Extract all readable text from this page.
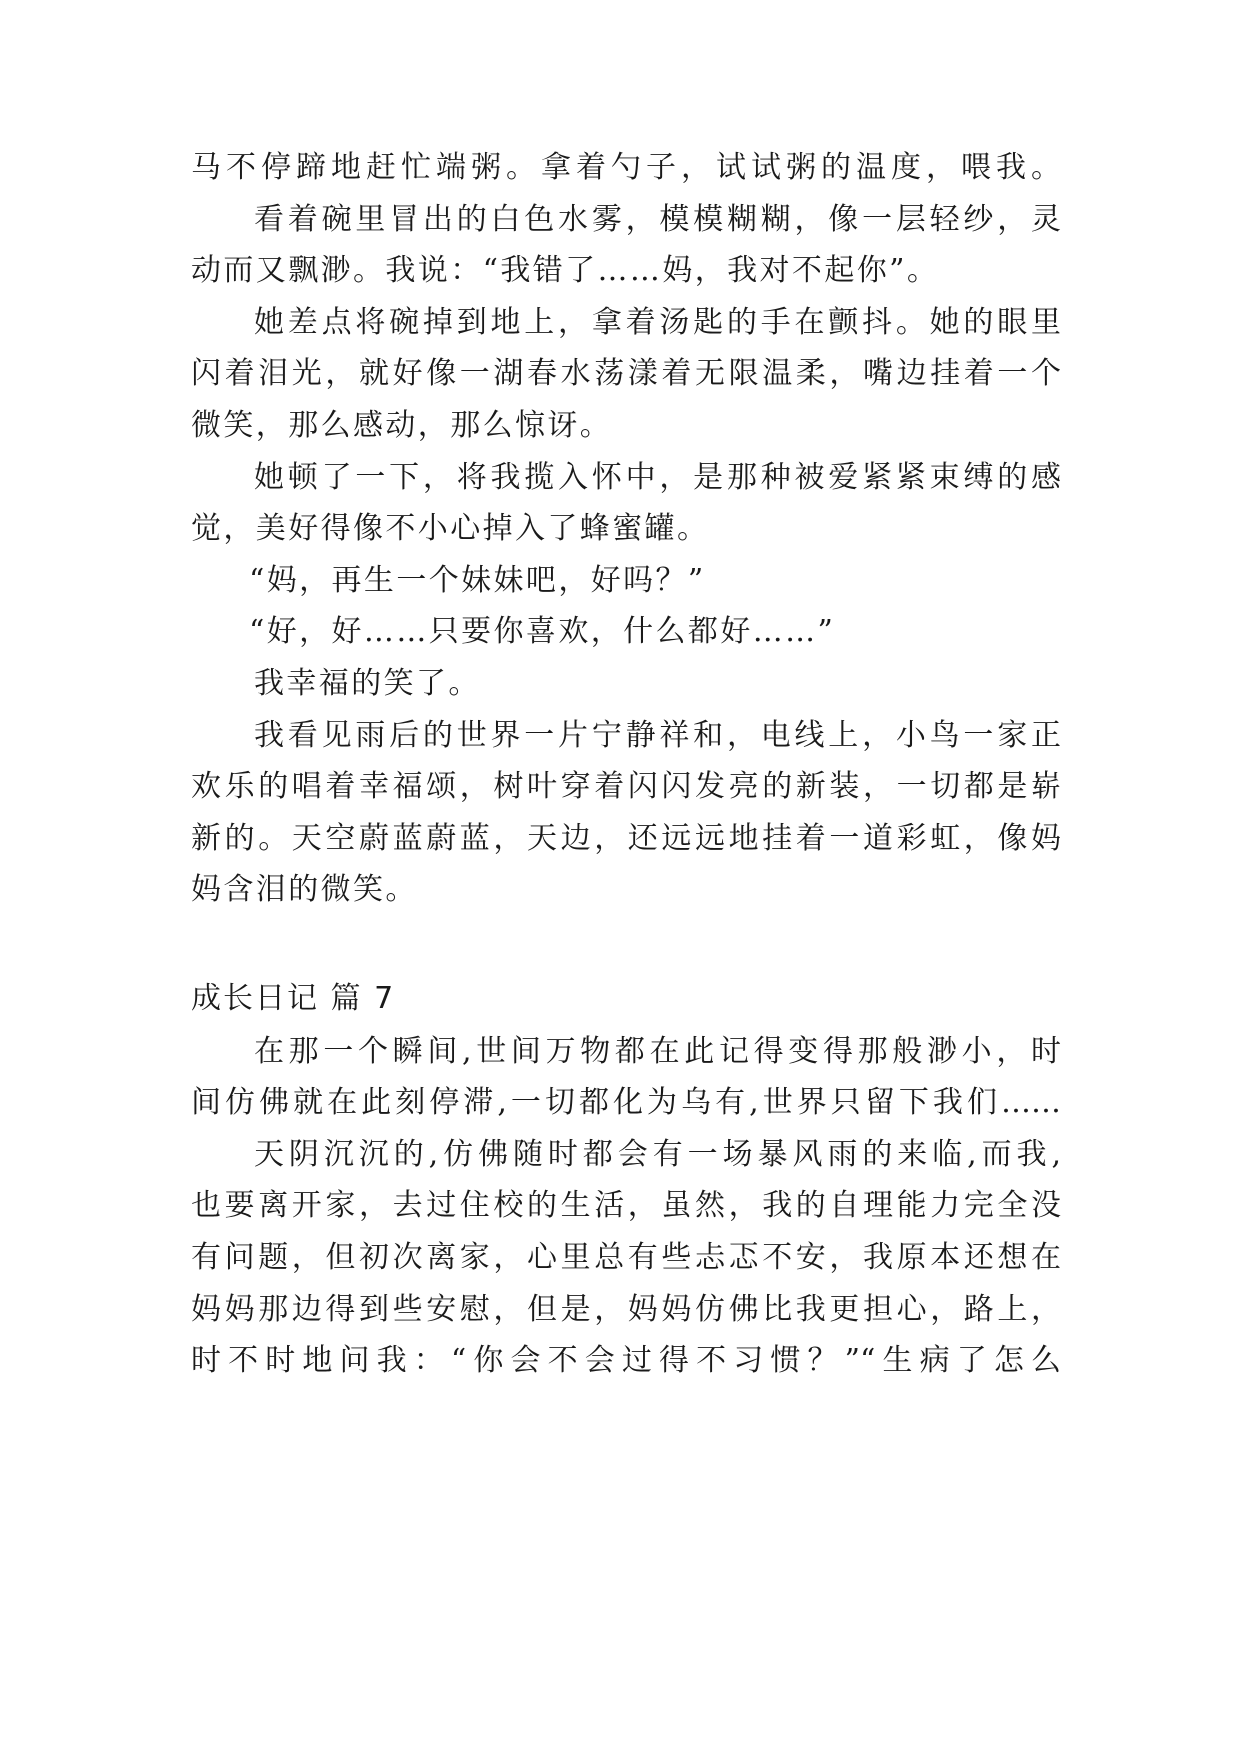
马不停蹄地赶忙端粥。拿着勺子，试试粥的温度，喂我。
看着碗里冒出的白色水雾，模模糊糊，像一层轻纱，灵
动而又飘渺。我说：“我错了……妈，我对不起你”。
她差点将碗掉到地上，拿着汤匙的手在颤抖。她的眼里
闪着泪光，就好像一湖春水荡漾着无限温柔，嘴边挂着一个
微笑，那么感动，那么惊讶。
她顿了一下，将我揽入怀中，是那种被爱紧紧束缚的感
觉，美好得像不小心掉入了蜂蜜罐。
“妈，再生一个妹妹吧，好吗？”
“好，好……只要你喜欢，什么都好……”
我幸福的笑了。
我看见雨后的世界一片宁静祥和，电线上，小鸟一家正
欢乐的唱着幸福颂，树叶穿着闪闪发亮的新装，一切都是崭
新的。天空蔚蓝蔚蓝，天边，还远远地挂着一道彩虹，像妈
妈含泪的微笑。
成长日记 篇 7
在那一个瞬间,世间万物都在此记得变得那般渺小，时
间仿佛就在此刻停滞,一切都化为乌有,世界只留下我们……
天阴沉沉的,仿佛随时都会有一场暴风雨的来临,而我,
也要离开家，去过住校的生活，虽然，我的自理能力完全没
有问题，但初次离家，心里总有些忐忑不安，我原本还想在
妈妈那边得到些安慰，但是，妈妈仿佛比我更担心，路上，
时不时地问我：“你会不会过得不习惯？”“生病了怎么
